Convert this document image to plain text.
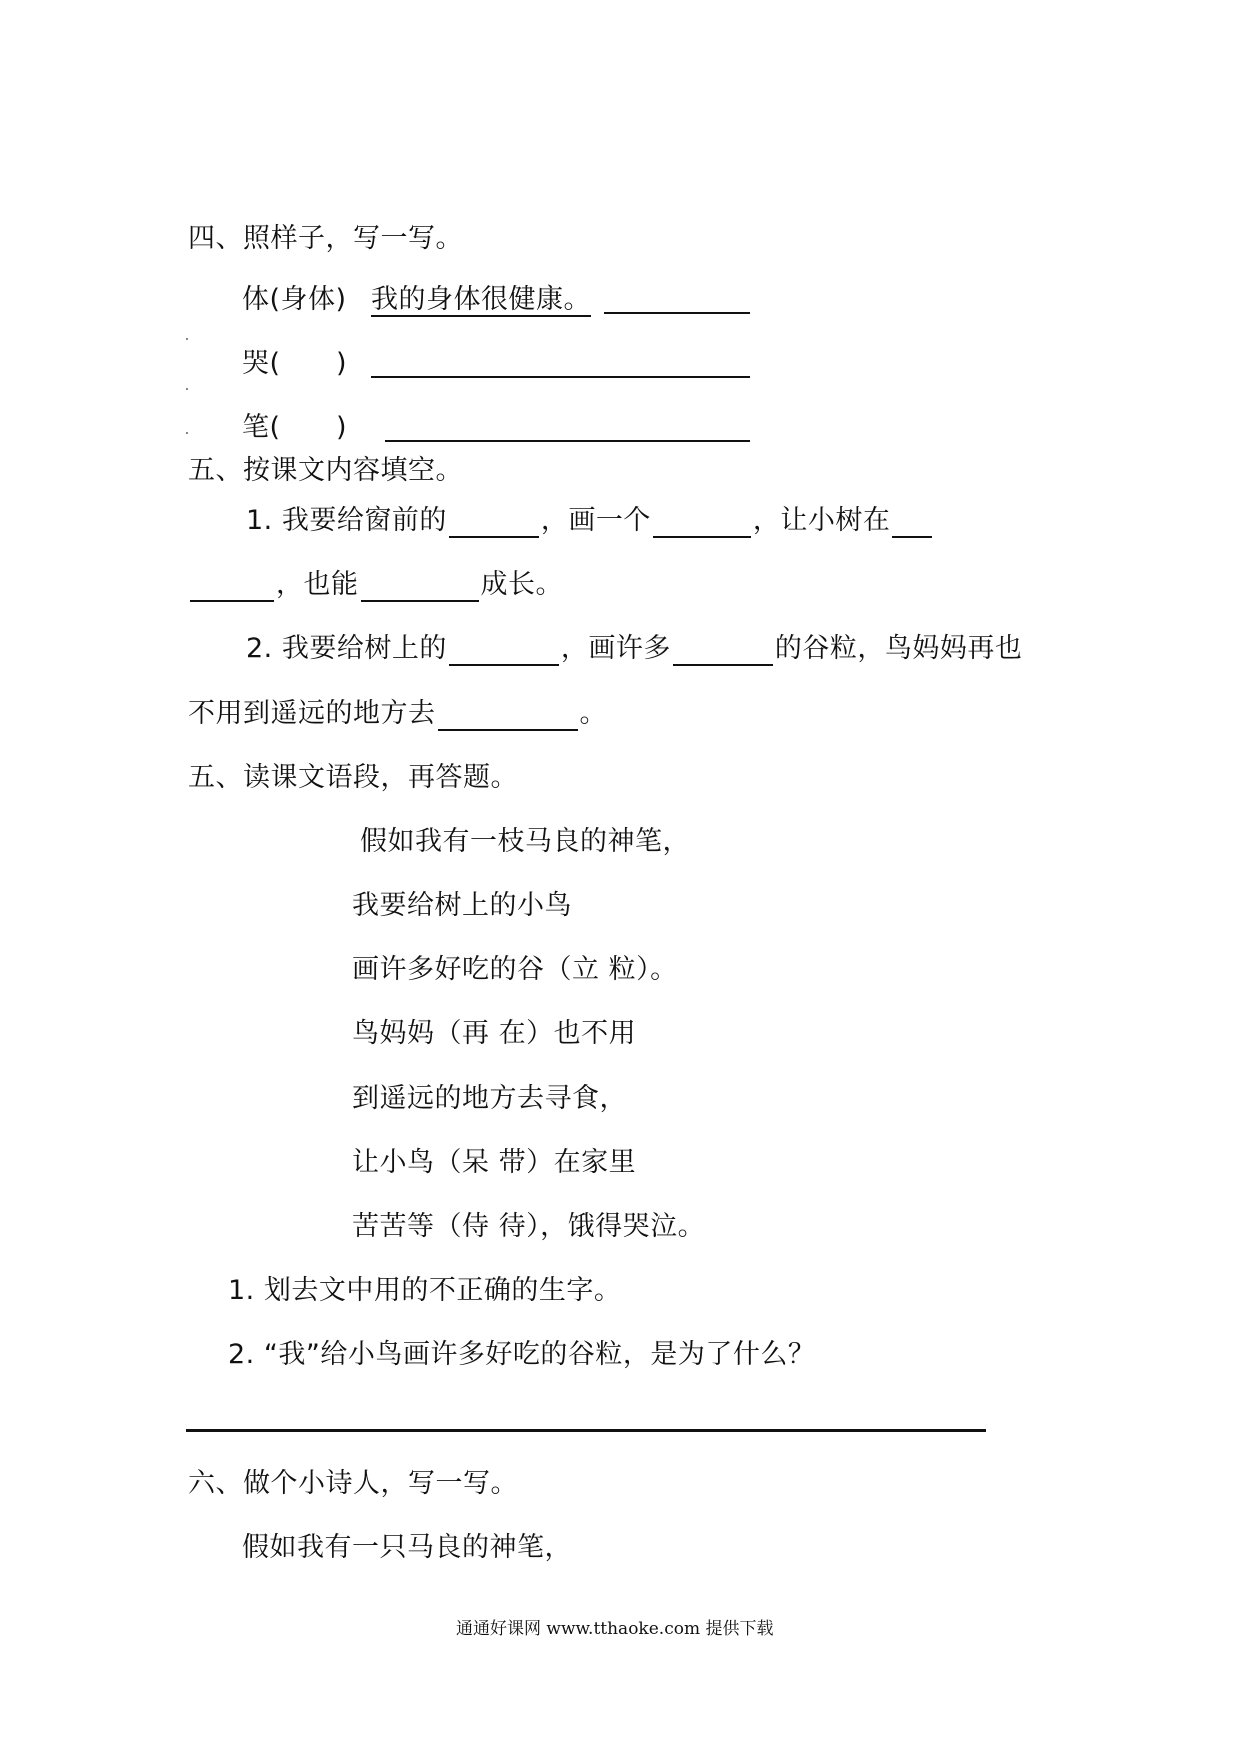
四、照样子，写一写。
体(身体) 我的身体很健康。
哭( )
笔( )
五、按课文内容填空。
1. 我要给窗前的	，画一个	，让小树在
，也能	成长。
2. 我要给树上的	，画许多	的谷粒，鸟妈妈再也
不用到遥远的地方去	。
五、读课文语段，再答题。
假如我有一枝马良的神笔，
我要给树上的小鸟
画许多好吃的谷（立 粒）。
鸟妈妈（再 在）也不用
到遥远的地方去寻食，
让小鸟（呆 带）在家里
苦苦等（侍 待），饿得哭泣。
1. 划去文中用的不正确的生字。
2. “我”给小鸟画许多好吃的谷粒，是为了什么？
六、做个小诗人，写一写。
假如我有一只马良的神笔，
通通好课网 www.tthaoke.com 提供下载
